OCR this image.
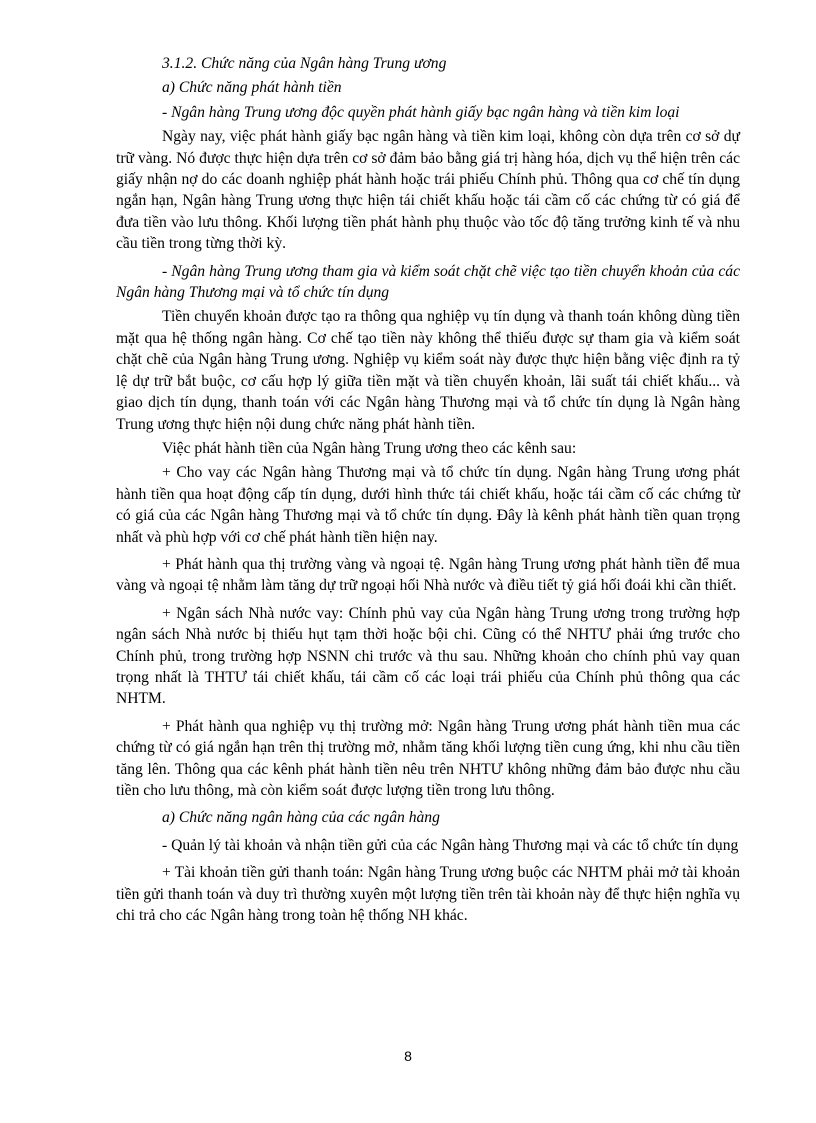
3.1.2. Chức năng của Ngân hàng Trung ương

a) Chức năng phát hành tiền

- Ngân hàng Trung ương độc quyền phát hành giấy bạc ngân hàng và tiền kim loại

Ngày nay, việc phát hành giấy bạc ngân hàng và tiền kim loại, không còn dựa trên cơ sở dự trữ vàng. Nó được thực hiện dựa trên cơ sở đảm bảo bằng giá trị hàng hóa, dịch vụ thể hiện trên các giấy nhận nợ do các doanh nghiệp phát hành hoặc trái phiếu Chính phủ. Thông qua cơ chế tín dụng ngắn hạn, Ngân hàng Trung ương thực hiện tái chiết khấu hoặc tái cầm cố các chứng từ có giá để đưa tiền vào lưu thông. Khối lượng tiền phát hành phụ thuộc vào tốc độ tăng trưởng kinh tế và nhu cầu tiền trong từng thời kỳ.

- Ngân hàng Trung ương tham gia và kiểm soát chặt chẽ việc tạo tiền chuyển khoản của các Ngân hàng Thương mại và tổ chức tín dụng

Tiền chuyển khoản được tạo ra thông qua nghiệp vụ tín dụng và thanh toán không dùng tiền mặt qua hệ thống ngân hàng. Cơ chế tạo tiền này không thể thiếu được sự tham gia và kiểm soát chặt chẽ của Ngân hàng Trung ương. Nghiệp vụ kiểm soát này được thực hiện bằng việc định ra tỷ lệ dự trữ bắt buộc, cơ cấu hợp lý giữa tiền mặt và tiền chuyển khoản, lãi suất tái chiết khấu... và giao dịch tín dụng, thanh toán với các Ngân hàng Thương mại và tổ chức tín dụng là Ngân hàng Trung ương thực hiện nội dung chức năng phát hành tiền.

Việc phát hành tiền của Ngân hàng Trung ương theo các kênh sau:

+ Cho vay các Ngân hàng Thương mại và tổ chức tín dụng. Ngân hàng Trung ương phát hành tiền qua hoạt động cấp tín dụng, dưới hình thức tái chiết khấu, hoặc tái cầm cố các chứng từ có giá của các Ngân hàng Thương mại và tổ chức tín dụng. Đây là kênh phát hành tiền quan trọng nhất và phù hợp với cơ chế phát hành tiền hiện nay.

+ Phát hành qua thị trường vàng và ngoại tệ. Ngân hàng Trung ương phát hành tiền để mua vàng và ngoại tệ nhằm làm tăng dự trữ ngoại hối Nhà nước và điều tiết tỷ giá hối đoái khi cần thiết.

+ Ngân sách Nhà nước vay: Chính phủ vay của Ngân hàng Trung ương trong trường hợp ngân sách Nhà nước bị thiếu hụt tạm thời hoặc bội chi. Cũng có thể NHTƯ phải ứng trước cho Chính phủ, trong trường hợp NSNN chi trước và thu sau. Những khoản cho chính phủ vay quan trọng nhất là THTƯ tái chiết khấu, tái cầm cố các loại trái phiếu của Chính phủ thông qua các NHTM.

+ Phát hành qua nghiệp vụ thị trường mở: Ngân hàng Trung ương phát hành tiền mua các chứng từ có giá ngắn hạn trên thị trường mở, nhằm tăng khối lượng tiền cung ứng, khi nhu cầu tiền tăng lên. Thông qua các kênh phát hành tiền nêu trên NHTƯ không những đảm bảo được nhu cầu tiền cho lưu thông, mà còn kiểm soát được lượng tiền trong lưu thông.

a) Chức năng ngân hàng của các ngân hàng

- Quản lý tài khoản và nhận tiền gửi của các Ngân hàng Thương mại và các tổ chức tín dụng

+ Tài khoản tiền gửi thanh toán: Ngân hàng Trung ương buộc các NHTM phải mở tài khoản tiền gửi thanh toán và duy trì thường xuyên một lượng tiền trên tài khoản này để thực hiện nghĩa vụ chi trả cho các Ngân hàng trong toàn hệ thống NH khác.

8
